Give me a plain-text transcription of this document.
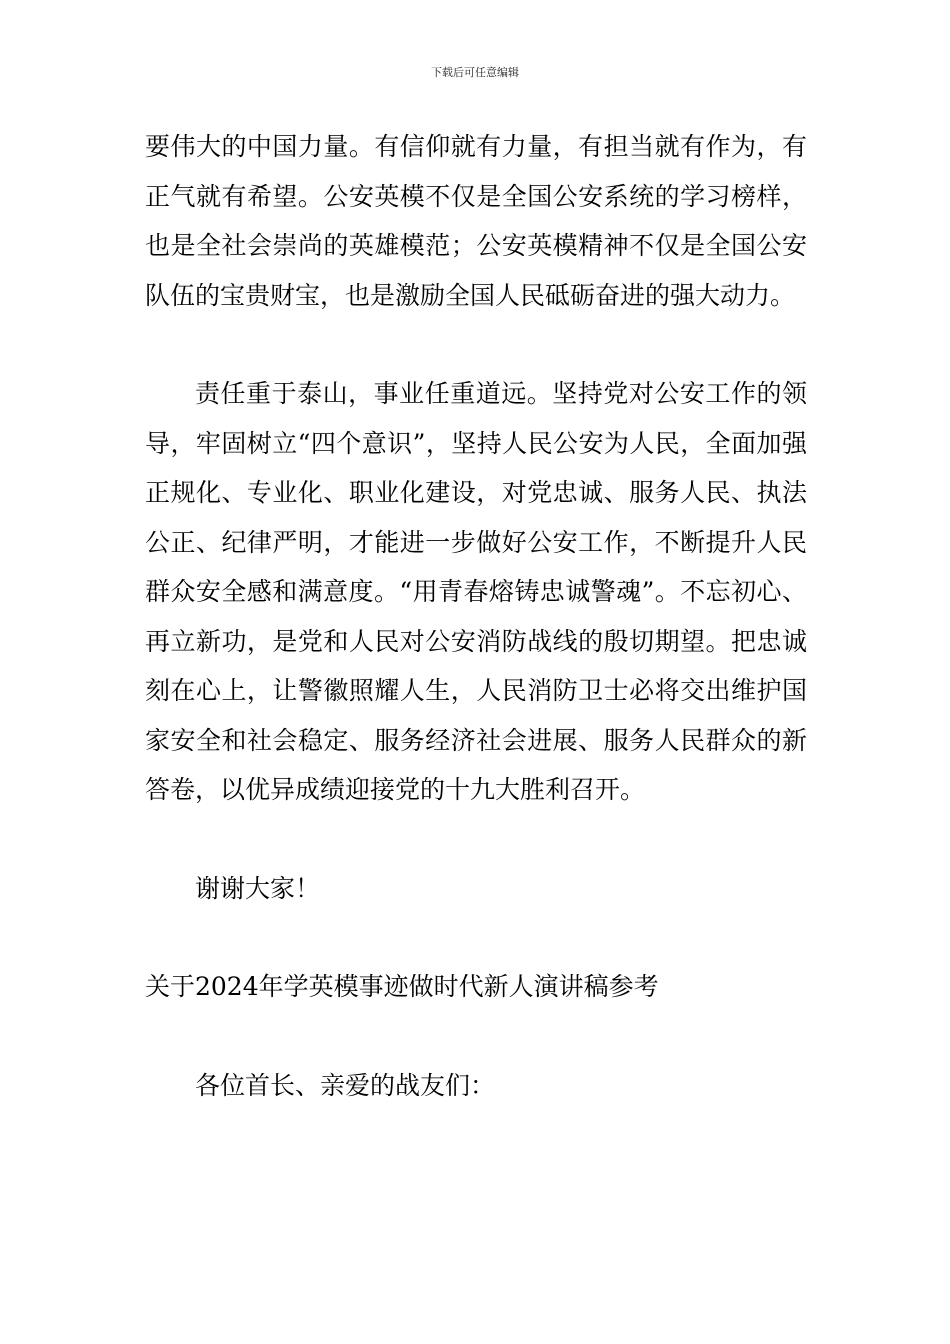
下载后可任意编辑

要伟大的中国力量。有信仰就有力量，有担当就有作为，有正气就有希望。公安英模不仅是全国公安系统的学习榜样，也是全社会崇尚的英雄模范；公安英模精神不仅是全国公安队伍的宝贵财宝，也是激励全国人民砥砺奋进的强大动力。

责任重于泰山，事业任重道远。坚持党对公安工作的领导，牢固树立“四个意识”，坚持人民公安为人民，全面加强正规化、专业化、职业化建设，对党忠诚、服务人民、执法公正、纪律严明，才能进一步做好公安工作，不断提升人民群众安全感和满意度。“用青春熔铸忠诚警魂”。不忘初心、再立新功，是党和人民对公安消防战线的殷切期望。把忠诚刻在心上，让警徽照耀人生，人民消防卫士必将交出维护国家安全和社会稳定、服务经济社会进展、服务人民群众的新答卷，以优异成绩迎接党的十九大胜利召开。

谢谢大家！

关于2024年学英模事迹做时代新人演讲稿参考

各位首长、亲爱的战友们：
